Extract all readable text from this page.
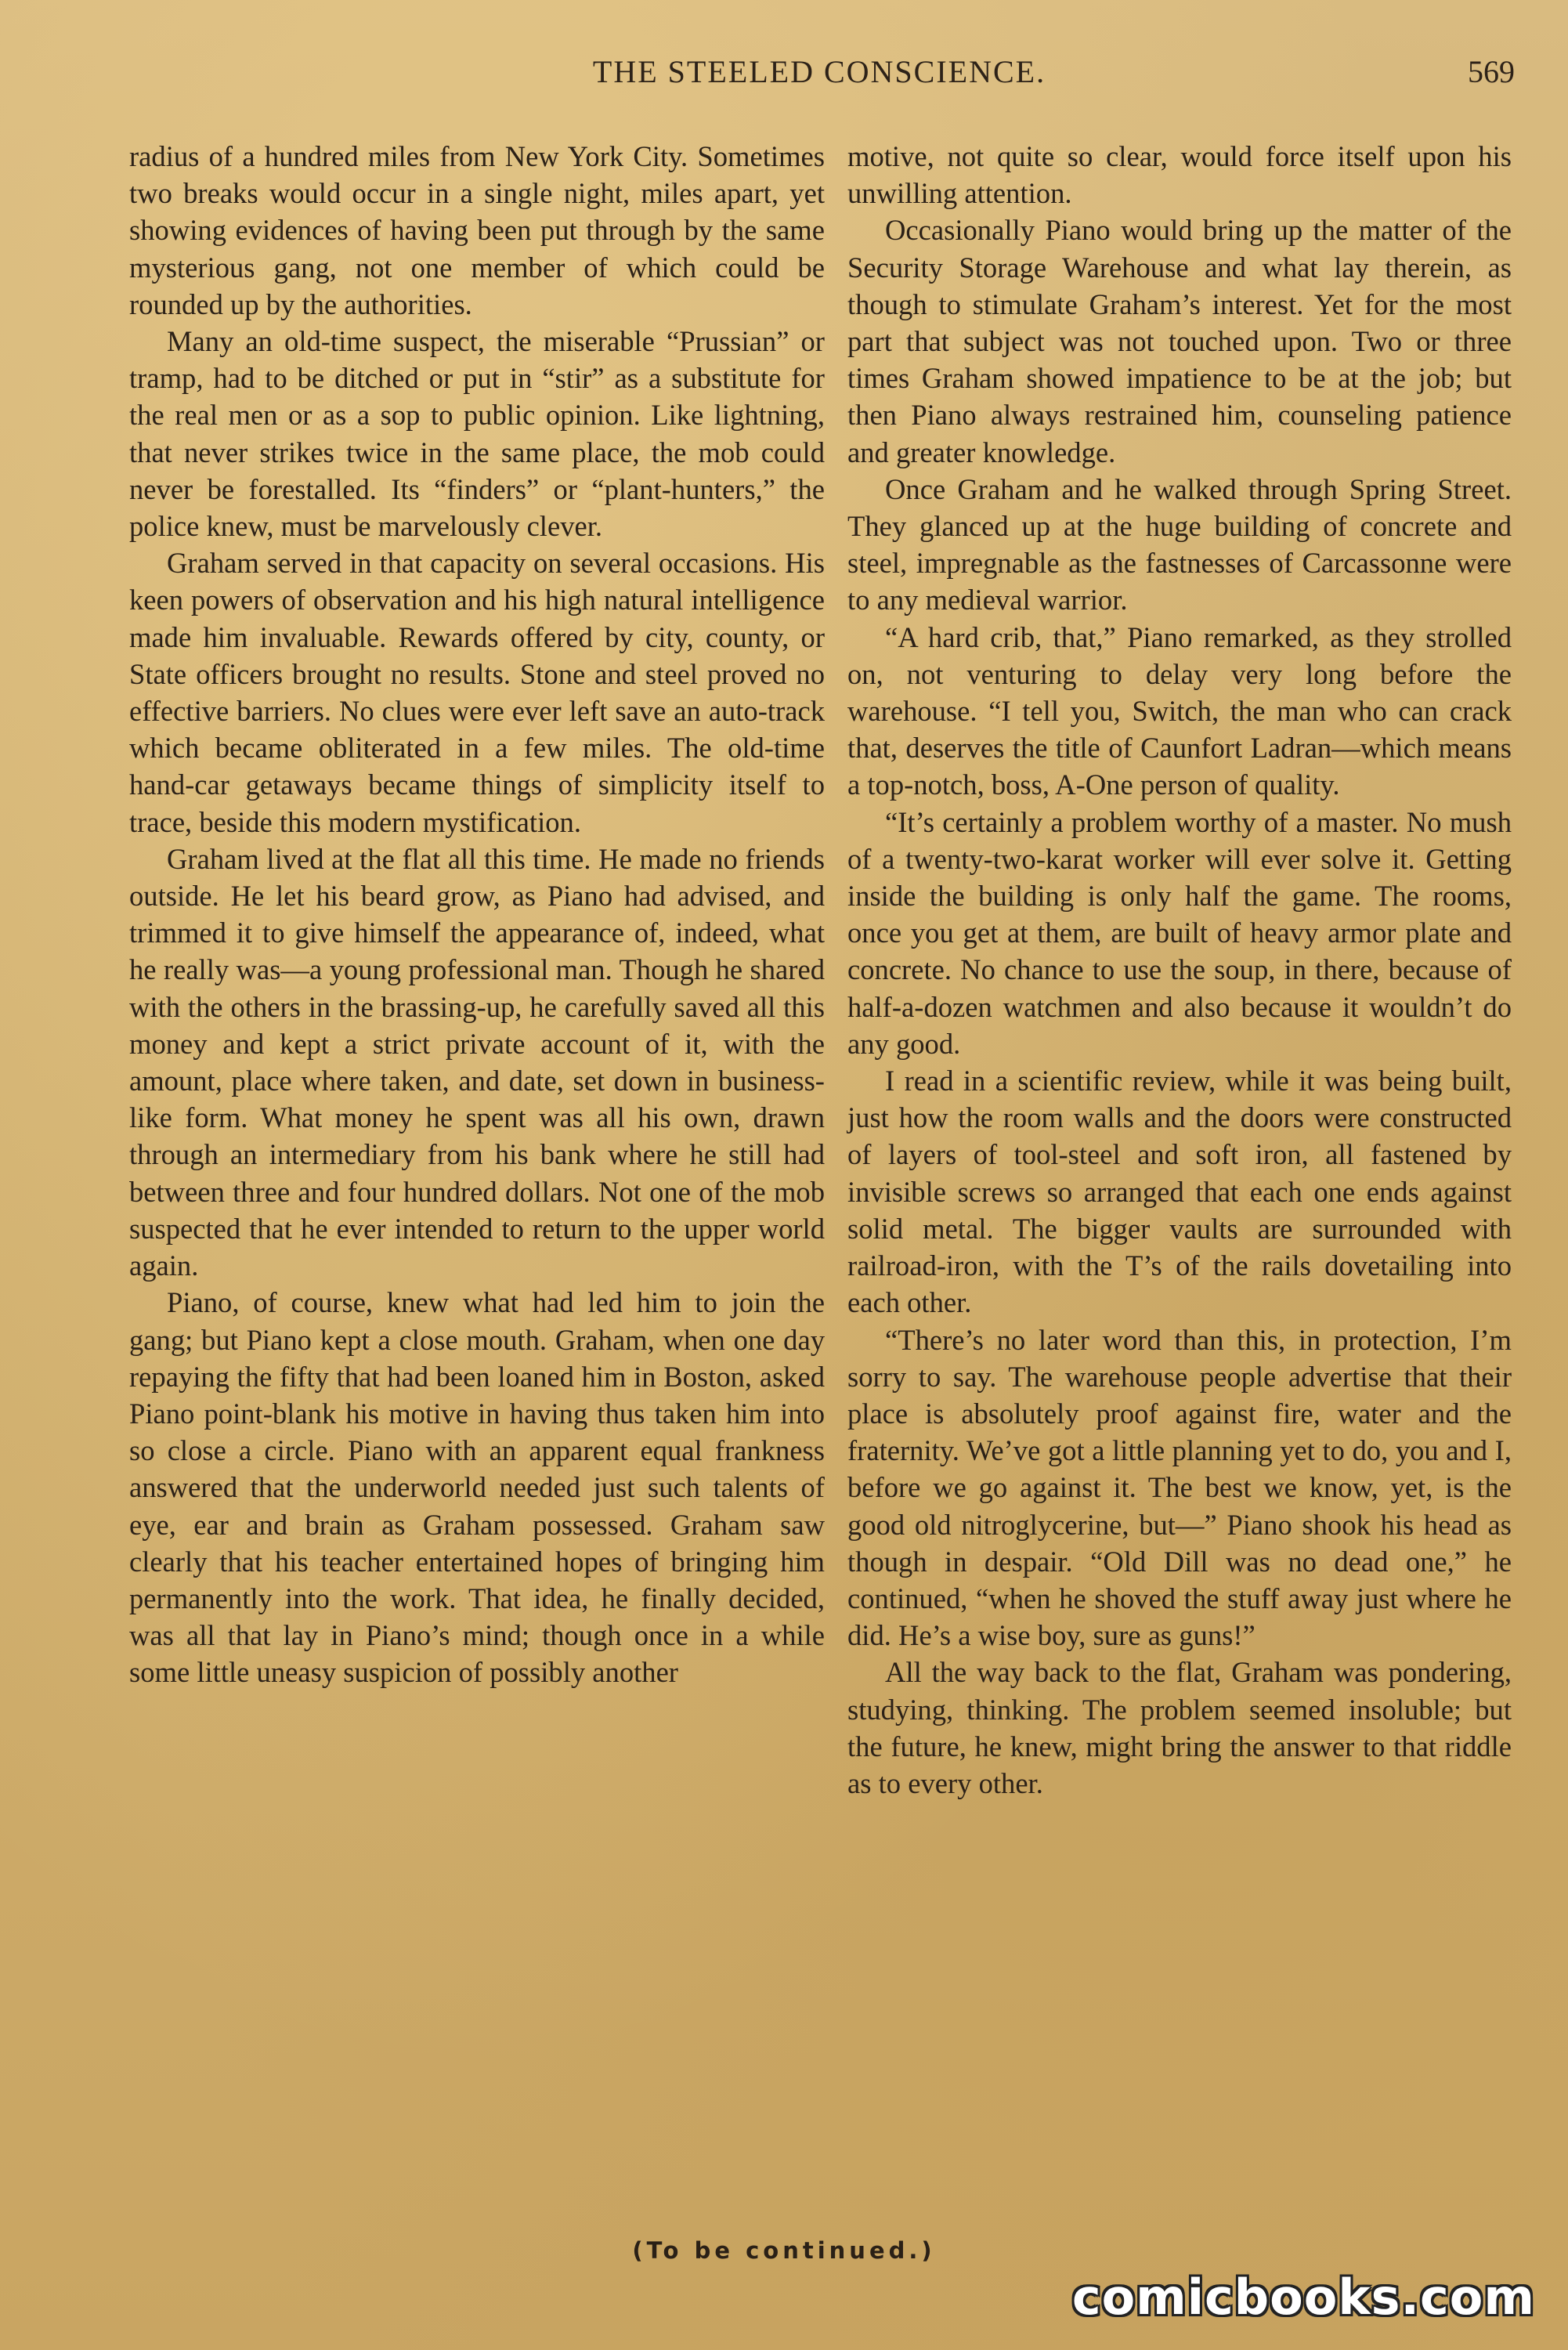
THE STEELED CONSCIENCE.	569

radius of a hundred miles from New York City. Sometimes two breaks would occur in a single night, miles apart, yet showing evidences of having been put through by the same mysterious gang, not one member of which could be rounded up by the authorities.

Many an old-time suspect, the miserable “Prussian” or tramp, had to be ditched or put in “stir” as a substitute for the real men or as a sop to public opinion. Like lightning, that never strikes twice in the same place, the mob could never be forestalled. Its “finders” or “plant-hunters,” the police knew, must be marvelously clever.

Graham served in that capacity on several occasions. His keen powers of observation and his high natural intelligence made him invaluable. Rewards offered by city, county, or State officers brought no results. Stone and steel proved no effective barriers. No clues were ever left save an auto-track which became obliterated in a few miles. The old-time hand-car getaways became things of simplicity itself to trace, beside this modern mystification.

Graham lived at the flat all this time. He made no friends outside. He let his beard grow, as Piano had advised, and trimmed it to give himself the appearance of, indeed, what he really was—a young professional man. Though he shared with the others in the brassing-up, he carefully saved all this money and kept a strict private account of it, with the amount, place where taken, and date, set down in business-like form. What money he spent was all his own, drawn through an intermediary from his bank where he still had between three and four hundred dollars. Not one of the mob suspected that he ever intended to return to the upper world again.

Piano, of course, knew what had led him to join the gang; but Piano kept a close mouth. Graham, when one day repaying the fifty that had been loaned him in Boston, asked Piano point-blank his motive in having thus taken him into so close a circle. Piano with an apparent equal frankness answered that the underworld needed just such talents of eye, ear and brain as Graham possessed. Graham saw clearly that his teacher entertained hopes of bringing him permanently into the work. That idea, he finally decided, was all that lay in Piano’s mind; though once in a while some little uneasy suspicion of possibly another

motive, not quite so clear, would force itself upon his unwilling attention.

Occasionally Piano would bring up the matter of the Security Storage Warehouse and what lay therein, as though to stimulate Graham’s interest. Yet for the most part that subject was not touched upon. Two or three times Graham showed impatience to be at the job; but then Piano always restrained him, counseling patience and greater knowledge.

Once Graham and he walked through Spring Street. They glanced up at the huge building of concrete and steel, impregnable as the fastnesses of Carcassonne were to any medieval warrior.

“A hard crib, that,” Piano remarked, as they strolled on, not venturing to delay very long before the warehouse. “I tell you, Switch, the man who can crack that, deserves the title of Caunfort Ladran—which means a top-notch, boss, A-One person of quality.

“It’s certainly a problem worthy of a master. No mush of a twenty-two-karat worker will ever solve it. Getting inside the building is only half the game. The rooms, once you get at them, are built of heavy armor plate and concrete. No chance to use the soup, in there, because of half-a-dozen watchmen and also because it wouldn’t do any good.

I read in a scientific review, while it was being built, just how the room walls and the doors were constructed of layers of tool-steel and soft iron, all fastened by invisible screws so arranged that each one ends against solid metal. The bigger vaults are surrounded with railroad-iron, with the T’s of the rails dovetailing into each other.

“There’s no later word than this, in protection, I’m sorry to say. The warehouse people advertise that their place is absolutely proof against fire, water and the fraternity. We’ve got a little planning yet to do, you and I, before we go against it. The best we know, yet, is the good old nitroglycerine, but—” Piano shook his head as though in despair. “Old Dill was no dead one,” he continued, “when he shoved the stuff away just where he did. He’s a wise boy, sure as guns!”

All the way back to the flat, Graham was pondering, studying, thinking. The problem seemed insoluble; but the future, he knew, might bring the answer to that riddle as to every other.

(To be continued.)
comicbooks.com
